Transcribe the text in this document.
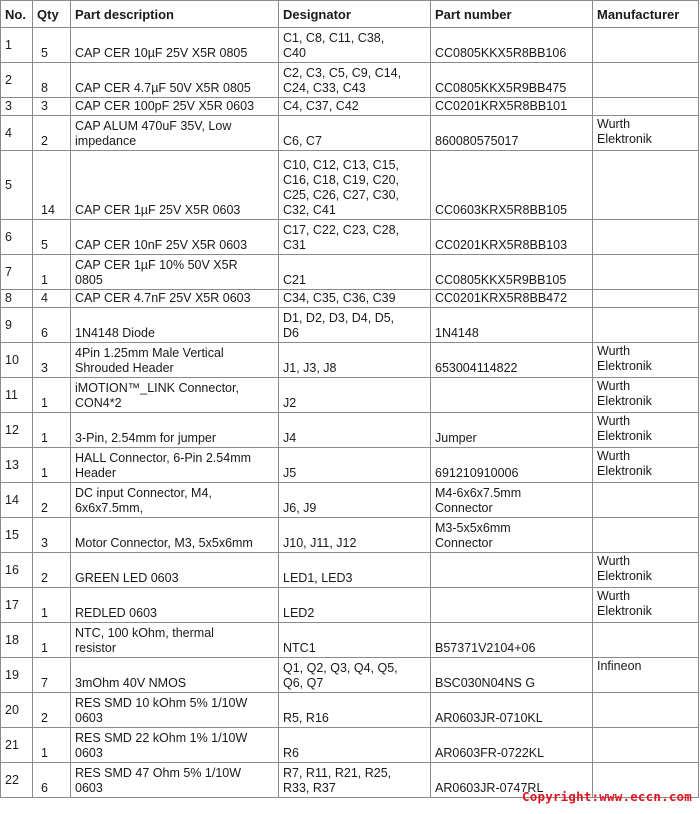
No.	Qty	Part description	Designator	Part number	Manufacturer
1	5	CAP CER 10µF 25V X5R 0805	C1, C8, C11, C38,
C40	CC0805KKX5R8BB106	
2	8	CAP CER 4.7µF 50V X5R 0805	C2, C3, C5, C9, C14,
C24, C33, C43	CC0805KKX5R9BB475	
3	3	CAP CER 100pF 25V X5R 0603	C4, C37, C42	CC0201KRX5R8BB101	
4	2	CAP ALUM 470uF 35V, Low
impedance	C6, C7	860080575017	Wurth
Elektronik
5	14	CAP CER 1µF 25V X5R 0603	C10, C12, C13, C15,
C16, C18, C19, C20,
C25, C26, C27, C30,
C32, C41	CC0603KRX5R8BB105	
6	5	CAP CER 10nF 25V X5R 0603	C17, C22, C23, C28,
C31	CC0201KRX5R8BB103	
7	1	CAP CER 1µF 10% 50V X5R
0805	C21	CC0805KKX5R9BB105	
8	4	CAP CER 4.7nF 25V X5R 0603	C34, C35, C36, C39	CC0201KRX5R8BB472	
9	6	1N4148 Diode	D1, D2, D3, D4, D5,
D6	1N4148	
10	3	4Pin 1.25mm Male Vertical
Shrouded Header	J1, J3, J8	653004114822	Wurth
Elektronik
11	1	iMOTION™_LINK Connector,
CON4*2	J2		Wurth
Elektronik
12	1	3-Pin, 2.54mm for jumper	J4	Jumper	Wurth
Elektronik
13	1	HALL Connector, 6-Pin 2.54mm
Header	J5	691210910006	Wurth
Elektronik
14	2	DC input Connector, M4,
6x6x7.5mm,	J6, J9	M4-6x6x7.5mm
Connector	
15	3	Motor Connector, M3, 5x5x6mm	J10, J11, J12	M3-5x5x6mm
Connector	
16	2	GREEN LED 0603	LED1, LED3		Wurth
Elektronik
17	1	REDLED 0603	LED2		Wurth
Elektronik
18	1	NTC, 100 kOhm, thermal
resistor	NTC1	B57371V2104+06	
19	7	3mOhm 40V NMOS	Q1, Q2, Q3, Q4, Q5,
Q6, Q7	BSC030N04NS G	Infineon
20	2	RES SMD 10 kOhm 5% 1/10W
0603	R5, R16	AR0603JR-0710KL	
21	1	RES SMD 22 kOhm 1% 1/10W
0603	R6	AR0603FR-0722KL	
22	6	RES SMD 47 Ohm 5% 1/10W
0603	R7, R11, R21, R25,
R33, R37	AR0603JR-0747RL	
Copyright:www.eccn.com
